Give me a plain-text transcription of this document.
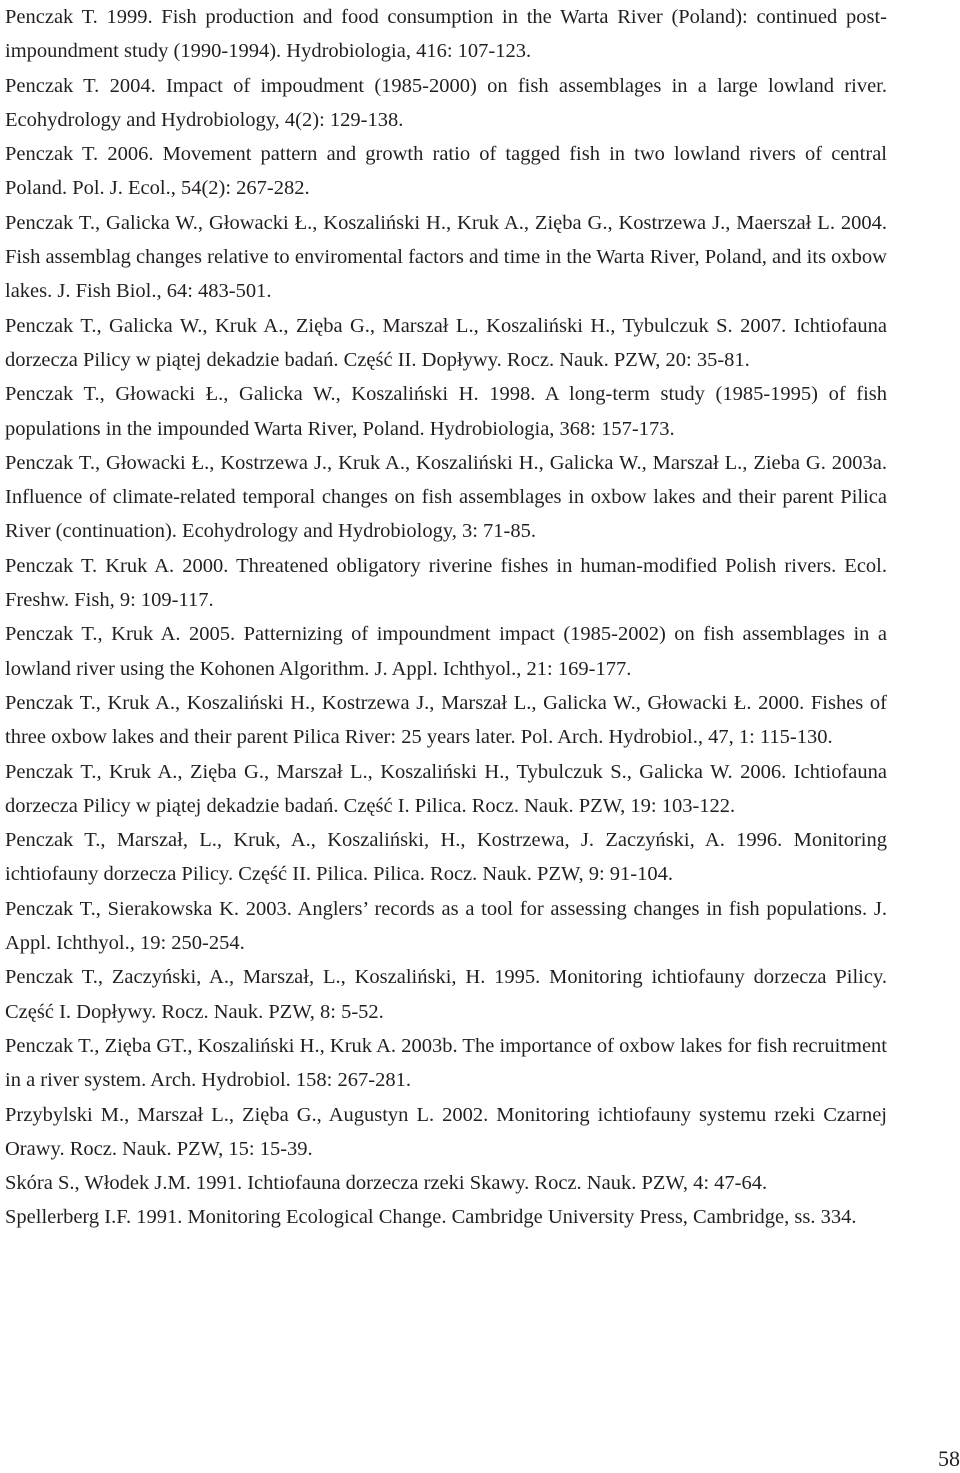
Penczak T. 1999. Fish production and food consumption in the Warta River (Poland): continued post-impoundment study (1990-1994). Hydrobiologia, 416: 107-123.
Penczak T. 2004. Impact of impoudment (1985-2000) on fish assemblages in a large lowland river. Ecohydrology and Hydrobiology, 4(2): 129-138.
Penczak T. 2006. Movement pattern and growth ratio of tagged fish in two lowland rivers of central Poland. Pol. J. Ecol., 54(2): 267-282.
Penczak T., Galicka W., Głowacki Ł., Koszaliński H., Kruk A., Zięba G., Kostrzewa J., Maerszał L. 2004. Fish assemblag changes relative to enviromental factors and time in the Warta River, Poland, and its oxbow lakes. J. Fish Biol., 64: 483-501.
Penczak T., Galicka W., Kruk A., Zięba G., Marszał L., Koszaliński H., Tybulczuk S. 2007. Ichtiofauna dorzecza Pilicy w piątej dekadzie badań. Część II. Dopływy. Rocz. Nauk. PZW, 20: 35-81.
Penczak T., Głowacki Ł., Galicka W., Koszaliński H. 1998. A long-term study (1985-1995) of fish populations in the impounded Warta River, Poland. Hydrobiologia, 368: 157-173.
Penczak T., Głowacki Ł., Kostrzewa J., Kruk A., Koszaliński H., Galicka W., Marszał L., Zieba G. 2003a. Influence of climate-related temporal changes on fish assemblages in oxbow lakes and their parent Pilica River (continuation). Ecohydrology and Hydrobiology, 3: 71-85.
Penczak T. Kruk A. 2000. Threatened obligatory riverine fishes in human-modified Polish rivers. Ecol. Freshw. Fish, 9: 109-117.
Penczak T., Kruk A. 2005. Patternizing of impoundment impact (1985-2002) on fish assemblages in a lowland river using the Kohonen Algorithm. J. Appl. Ichthyol., 21: 169-177.
Penczak T., Kruk A., Koszaliński H., Kostrzewa J., Marszał L., Galicka W., Głowacki Ł. 2000. Fishes of three oxbow lakes and their parent Pilica River: 25 years later. Pol. Arch. Hydrobiol., 47, 1: 115-130.
Penczak T., Kruk A., Zięba G., Marszał L., Koszaliński H., Tybulczuk S., Galicka W. 2006. Ichtiofauna dorzecza Pilicy w piątej dekadzie badań. Część I. Pilica. Rocz. Nauk. PZW, 19: 103-122.
Penczak T., Marszał, L., Kruk, A., Koszaliński, H., Kostrzewa, J. Zaczyński, A. 1996. Monitoring ichtiofauny dorzecza Pilicy. Część II. Pilica. Pilica. Rocz. Nauk. PZW, 9: 91-104.
Penczak T., Sierakowska K. 2003. Anglers’ records as a tool for assessing changes in fish populations. J. Appl. Ichthyol., 19: 250-254.
Penczak T., Zaczyński, A., Marszał, L., Koszaliński, H. 1995. Monitoring ichtiofauny dorzecza Pilicy. Część I. Dopływy. Rocz. Nauk. PZW, 8: 5-52.
Penczak T., Zięba GT., Koszaliński H., Kruk A. 2003b. The importance of oxbow lakes for fish recruitment in a river system. Arch. Hydrobiol. 158: 267-281.
Przybylski M., Marszał L., Zięba G., Augustyn L. 2002. Monitoring ichtiofauny systemu rzeki Czarnej Orawy. Rocz. Nauk. PZW, 15: 15-39.
Skóra S., Włodek J.M. 1991. Ichtiofauna dorzecza rzeki Skawy. Rocz. Nauk. PZW, 4: 47-64.
Spellerberg I.F. 1991. Monitoring Ecological Change. Cambridge University Press, Cambridge, ss. 334.
58
